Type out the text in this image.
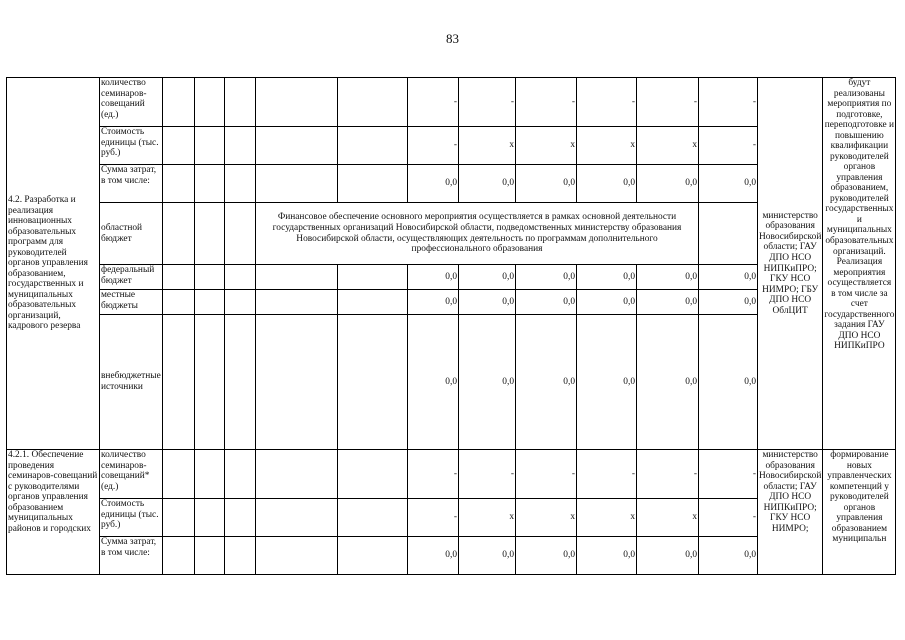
83
4.2. Разработка и реализация инновационных образовательных программ для руководителей органов управления образованием, государственных и муниципальных образовательных организаций, кадрового резерва	количество семинаров-совещаний (ед.)						-	-	-	-	-	-	министерство образования Новосибирской области; ГАУ ДПО НСО НИПКиПРО; ГКУ НСО НИМРО; ГБУ ДПО НСО ОблЦИТ	будут реализованы мероприятия по подготовке, переподготовке и повышению квалификации руководителей органов управления образованием, руководителей государственных и муниципальных образовательных организаций. Реализация мероприятия осуществляется в том числе за счет государственного задания ГАУ ДПО НСО НИПКиПРО
	Стоимость единицы (тыс. руб.)						-	x	x	x	x	-		
	Сумма затрат, в том числе:						0,0	0,0	0,0	0,0	0,0	0,0		
	областной бюджет				Финансовое обеспечение основного мероприятия осуществляется в рамках основной деятельности государственных организаций Новосибирской области, подведомственных министерству образования Новосибирской области, осуществляющих деятельность по программам дополнительного профессионального образования									
	федеральный бюджет						0,0	0,0	0,0	0,0	0,0	0,0		
	местные бюджеты						0,0	0,0	0,0	0,0	0,0	0,0		
	внебюджетные источники						0,0	0,0	0,0	0,0	0,0	0,0		
4.2.1. Обеспечение проведения семинаров-совещаний с руководителями органов управления образованием муниципальных районов и городских	количество семинаров-совещаний* (ед.)						-	-	-	-	-	-	министерство образования Новосибирской области; ГАУ ДПО НСО НИПКиПРО; ГКУ НСО НИМРО;	формирование новых управленческих компетенций у руководителей органов управления образованием муниципальн
	Стоимость единицы (тыс. руб.)						-	x	x	x	x	-		
	Сумма затрат, в том числе:						0,0	0,0	0,0	0,0	0,0	0,0		
